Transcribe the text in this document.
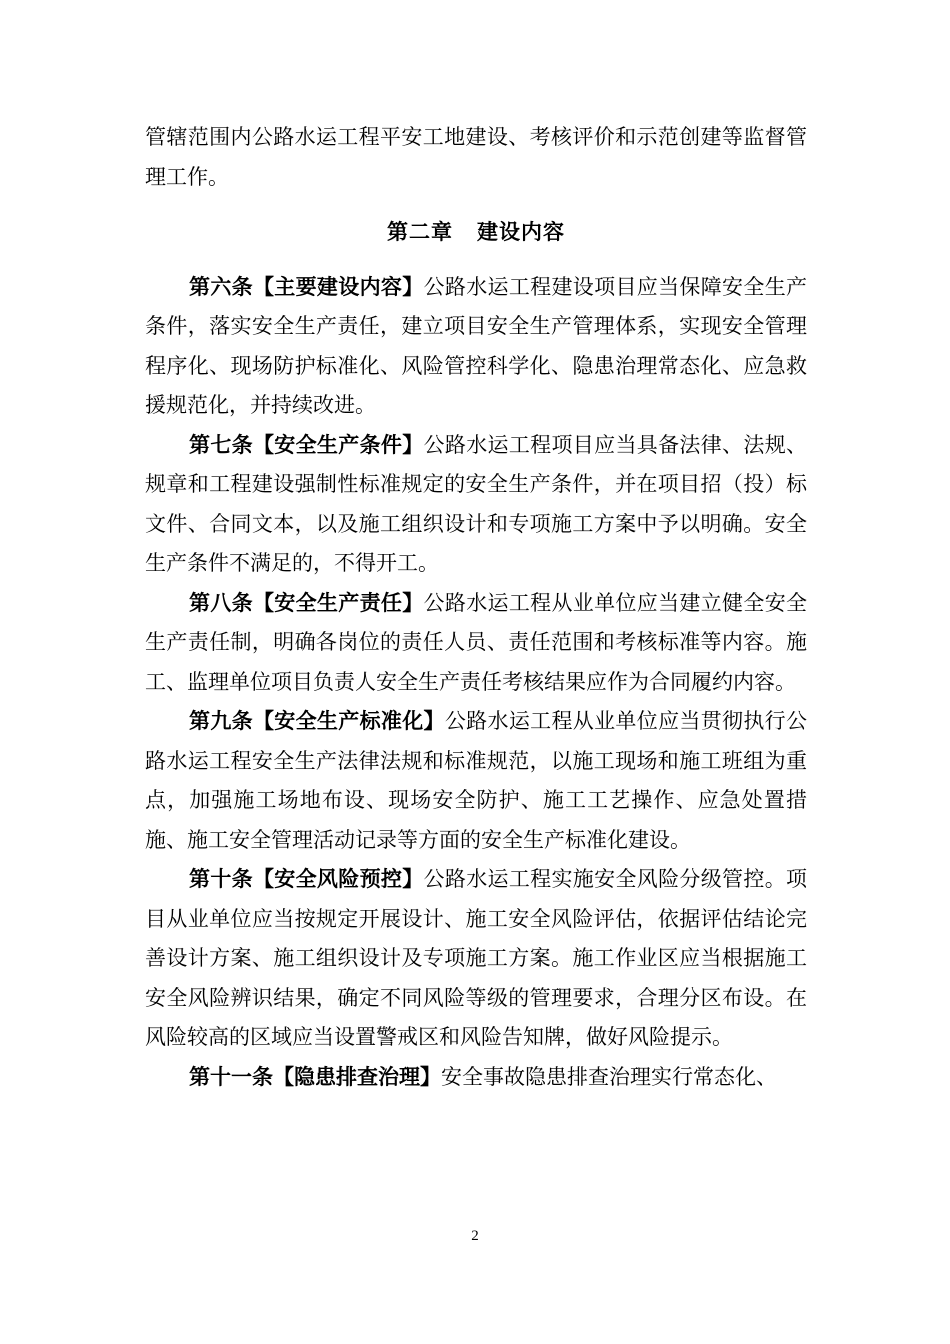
管辖范围内公路水运工程平安工地建设、考核评价和示范创建等监督管理工作。

第二章 建设内容

第六条【主要建设内容】公路水运工程建设项目应当保障安全生产条件，落实安全生产责任，建立项目安全生产管理体系，实现安全管理程序化、现场防护标准化、风险管控科学化、隐患治理常态化、应急救援规范化，并持续改进。

第七条【安全生产条件】公路水运工程项目应当具备法律、法规、规章和工程建设强制性标准规定的安全生产条件，并在项目招（投）标文件、合同文本，以及施工组织设计和专项施工方案中予以明确。安全生产条件不满足的，不得开工。

第八条【安全生产责任】公路水运工程从业单位应当建立健全安全生产责任制，明确各岗位的责任人员、责任范围和考核标准等内容。施工、监理单位项目负责人安全生产责任考核结果应作为合同履约内容。

第九条【安全生产标准化】公路水运工程从业单位应当贯彻执行公路水运工程安全生产法律法规和标准规范，以施工现场和施工班组为重点，加强施工场地布设、现场安全防护、施工工艺操作、应急处置措施、施工安全管理活动记录等方面的安全生产标准化建设。

第十条【安全风险预控】公路水运工程实施安全风险分级管控。项目从业单位应当按规定开展设计、施工安全风险评估，依据评估结论完善设计方案、施工组织设计及专项施工方案。施工作业区应当根据施工安全风险辨识结果，确定不同风险等级的管理要求，合理分区布设。在风险较高的区域应当设置警戒区和风险告知牌，做好风险提示。

第十一条【隐患排查治理】安全事故隐患排查治理实行常态化、

2
